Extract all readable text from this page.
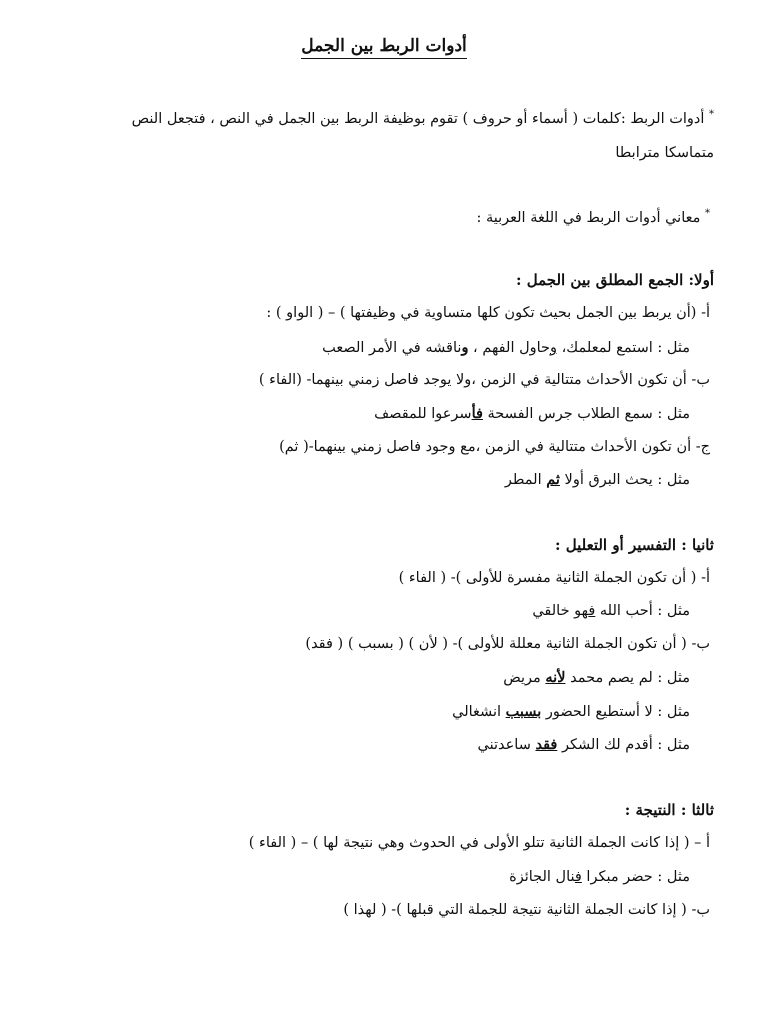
أدوات الربط بين الجمل

* أدوات الربط :كلمات ( أسماء أو حروف ) تقوم بوظيفة الربط بين الجمل في النص ، فتجعل النص متماسكا مترابطا

* معاني أدوات الربط في اللغة العربية :

أولا: الجمع المطلق بين الجمل :

أ- (أن يربط بين الجمل بحيث تكون كلها متساوية في وظيفتها ) – ( الواو ) :

مثل : استمع لمعلمك، وحاول الفهم ، وناقشه في الأمر الصعب

ب- أن تكون الأحداث متتالية في الزمن ،ولا يوجد فاصل زمني بينهما- (الفاء )

مثل : سمع الطلاب جرس الفسحة فأسرعوا للمقصف

ج- أن تكون الأحداث متتالية في الزمن ،مع وجود فاصل زمني بينهما-( ثم)

مثل : يحث البرق أولا ثم المطر

ثانيا : التفسير أو التعليل :

أ- ( أن تكون الجملة الثانية مفسرة للأولى )- ( الفاء )

مثل : أحب الله فهو خالقي

ب- ( أن تكون الجملة الثانية معللة للأولى )- ( لأن ) ( بسبب ) ( فقد)

مثل : لم يصم محمد لأنه مريض

مثل : لا أستطيع الحضور بسبب انشغالي

مثل : أقدم لك الشكر فقد ساعدتني

ثالثا : النتيجة :

أ – ( إذا كانت الجملة الثانية تتلو الأولى في الحدوث وهي نتيجة لها ) – ( الفاء )

مثل : حضر مبكرا فنال الجائزة

ب- ( إذا كانت الجملة الثانية نتيجة للجملة التي قبلها )- ( لهذا )
